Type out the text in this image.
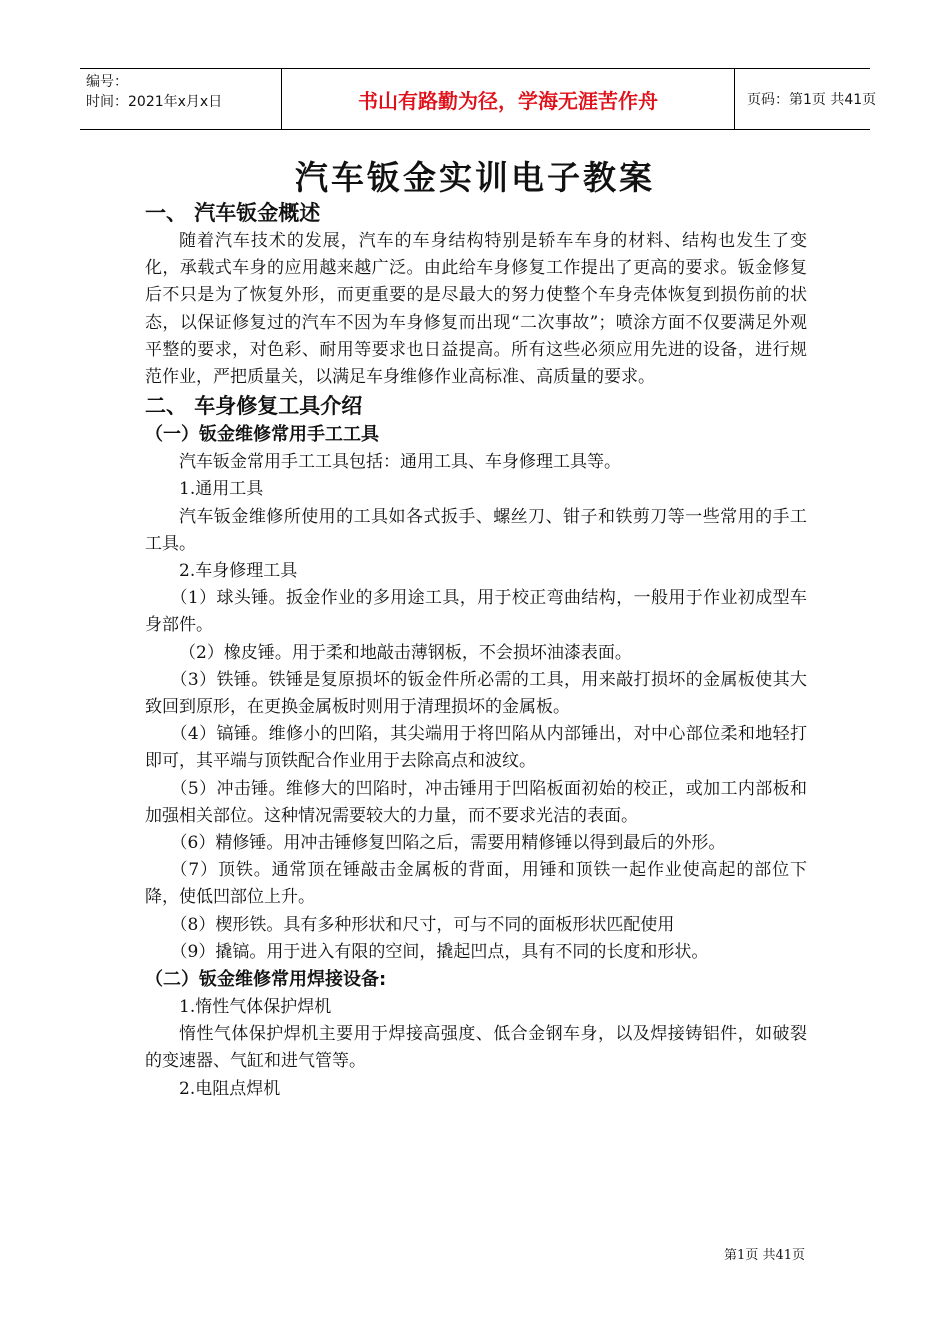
编号：
时间：2021年x月x日	书山有路勤为径，学海无涯苦作舟	页码：第1页 共41页
汽车钣金实训电子教案
一、 汽车钣金概述

随着汽车技术的发展，汽车的车身结构特别是轿车车身的材料、结构也发生了变化，承载式车身的应用越来越广泛。由此给车身修复工作提出了更高的要求。钣金修复后不只是为了恢复外形，而更重要的是尽最大的努力使整个车身壳体恢复到损伤前的状态，以保证修复过的汽车不因为车身修复而出现“二次事故”；喷涂方面不仅要满足外观平整的要求，对色彩、耐用等要求也日益提高。所有这些必须应用先进的设备，进行规范作业，严把质量关，以满足车身维修作业高标准、高质量的要求。

二、 车身修复工具介绍
（一）钣金维修常用手工工具

汽车钣金常用手工工具包括：通用工具、车身修理工具等。

1.通用工具

汽车钣金维修所使用的工具如各式扳手、螺丝刀、钳子和铁剪刀等一些常用的手工工具。

2.车身修理工具

（1）球头锤。扳金作业的多用途工具，用于校正弯曲结构，一般用于作业初成型车身部件。

（2）橡皮锤。用于柔和地敲击薄钢板，不会损坏油漆表面。

（3）铁锤。铁锤是复原损坏的钣金件所必需的工具，用来敲打损坏的金属板使其大致回到原形，在更换金属板时则用于清理损坏的金属板。

（4）镐锤。维修小的凹陷，其尖端用于将凹陷从内部锤出，对中心部位柔和地轻打即可，其平端与顶铁配合作业用于去除高点和波纹。

（5）冲击锤。维修大的凹陷时，冲击锤用于凹陷板面初始的校正，或加工内部板和加强相关部位。这种情况需要较大的力量，而不要求光洁的表面。

（6）精修锤。用冲击锤修复凹陷之后，需要用精修锤以得到最后的外形。

（7）顶铁。通常顶在锤敲击金属板的背面，用锤和顶铁一起作业使高起的部位下降，使低凹部位上升。

（8）楔形铁。具有多种形状和尺寸，可与不同的面板形状匹配使用

（9）撬镐。用于进入有限的空间，撬起凹点，具有不同的长度和形状。

（二）钣金维修常用焊接设备:

1.惰性气体保护焊机

惰性气体保护焊机主要用于焊接高强度、低合金钢车身，以及焊接铸铝件，如破裂的变速器、气缸和进气管等。

2.电阻点焊机

第1页 共41页
